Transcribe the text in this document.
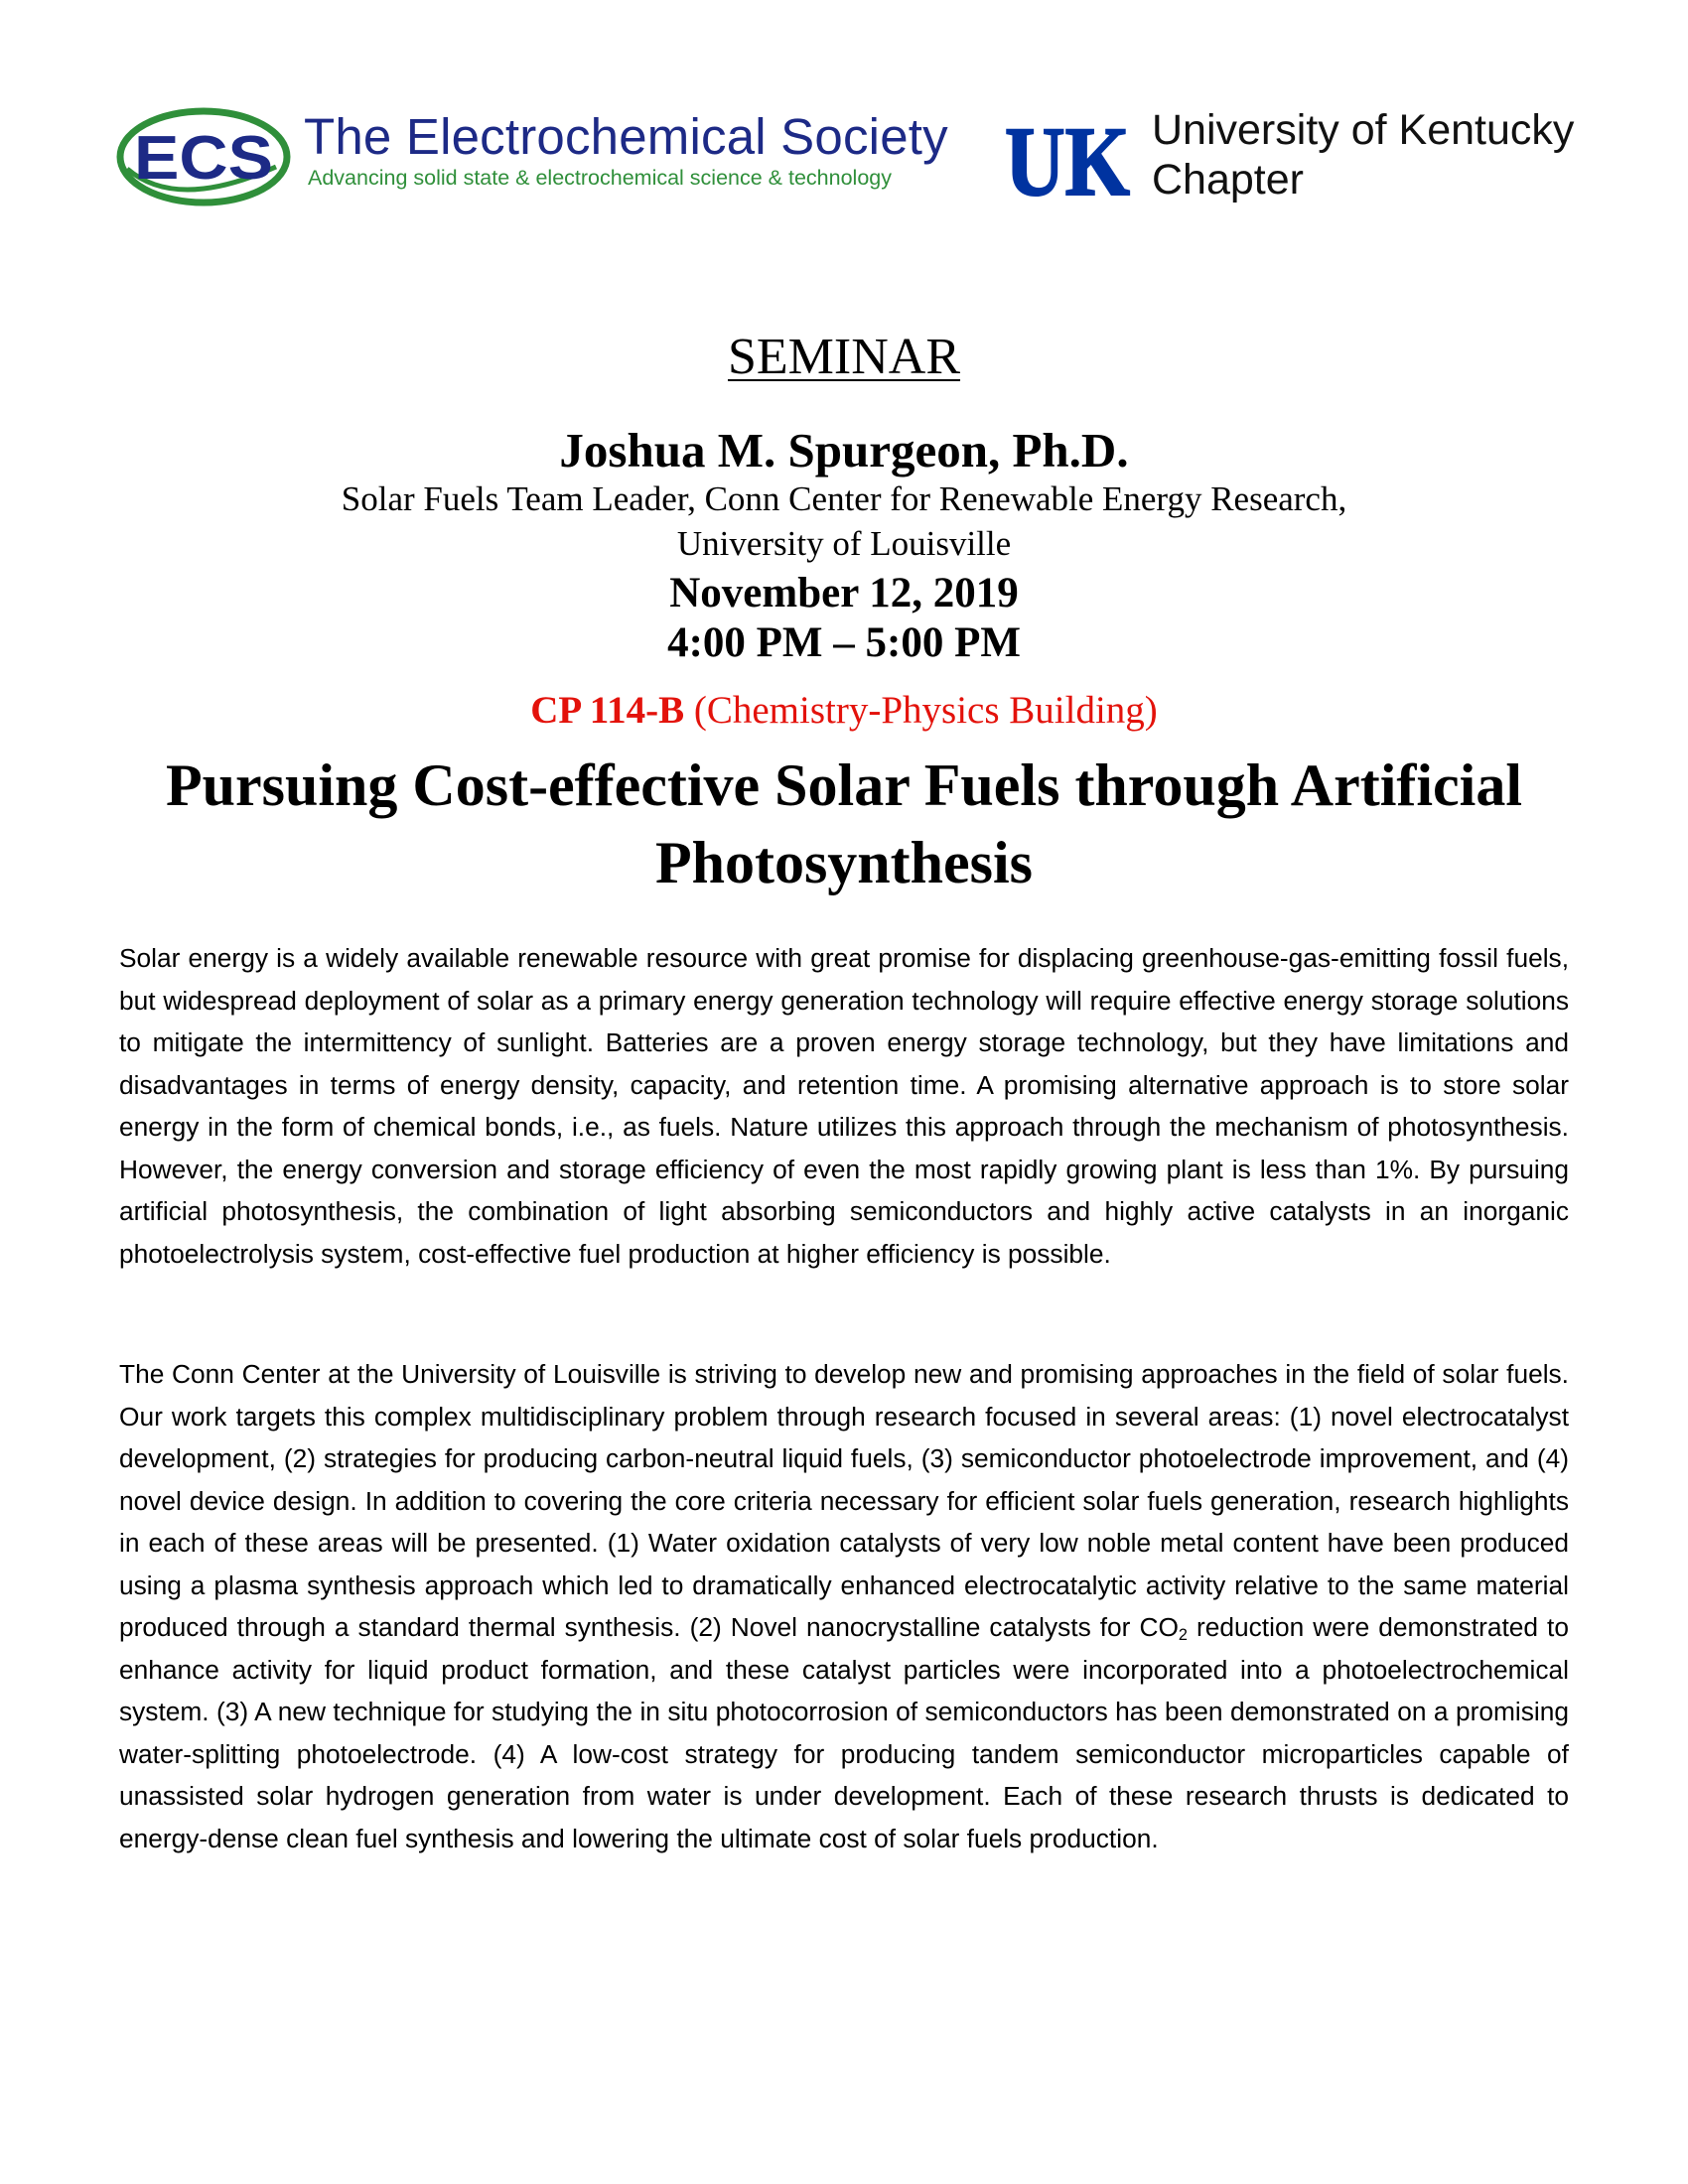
ECS The Electrochemical Society
Advancing solid state & electrochemical science & technology UK University of Kentucky
Chapter
SEMINAR
Joshua M. Spurgeon, Ph.D.
Solar Fuels Team Leader, Conn Center for Renewable Energy Research,
University of Louisville
November 12, 2019
4:00 PM – 5:00 PM
CP 114-B (Chemistry-Physics Building)
Pursuing Cost-effective Solar Fuels through Artificial Photosynthesis

Solar energy is a widely available renewable resource with great promise for displacing greenhouse-gas-emitting fossil fuels, but widespread deployment of solar as a primary energy generation technology will require effective energy storage solutions to mitigate the intermittency of sunlight. Batteries are a proven energy storage technology, but they have limitations and disadvantages in terms of energy density, capacity, and retention time. A promising alternative approach is to store solar energy in the form of chemical bonds, i.e., as fuels. Nature utilizes this approach through the mechanism of photosynthesis. However, the energy conversion and storage efficiency of even the most rapidly growing plant is less than 1%. By pursuing artificial photosynthesis, the combination of light absorbing semiconductors and highly active catalysts in an inorganic photoelectrolysis system, cost-effective fuel production at higher efficiency is possible.

The Conn Center at the University of Louisville is striving to develop new and promising approaches in the field of solar fuels. Our work targets this complex multidisciplinary problem through research focused in several areas: (1) novel electrocatalyst development, (2) strategies for producing carbon-neutral liquid fuels, (3) semiconductor photoelectrode improvement, and (4) novel device design. In addition to covering the core criteria necessary for efficient solar fuels generation, research highlights in each of these areas will be presented. (1) Water oxidation catalysts of very low noble metal content have been produced using a plasma synthesis approach which led to dramatically enhanced electrocatalytic activity relative to the same material produced through a standard thermal synthesis. (2) Novel nanocrystalline catalysts for $CO_2$ reduction were demonstrated to enhance activity for liquid product formation, and these catalyst particles were incorporated into a photoelectrochemical system. (3) A new technique for studying the in situ photocorrosion of semiconductors has been demonstrated on a promising water-splitting photoelectrode. (4) A low-cost strategy for producing tandem semiconductor microparticles capable of unassisted solar hydrogen generation from water is under development. Each of these research thrusts is dedicated to energy-dense clean fuel synthesis and lowering the ultimate cost of solar fuels production.
